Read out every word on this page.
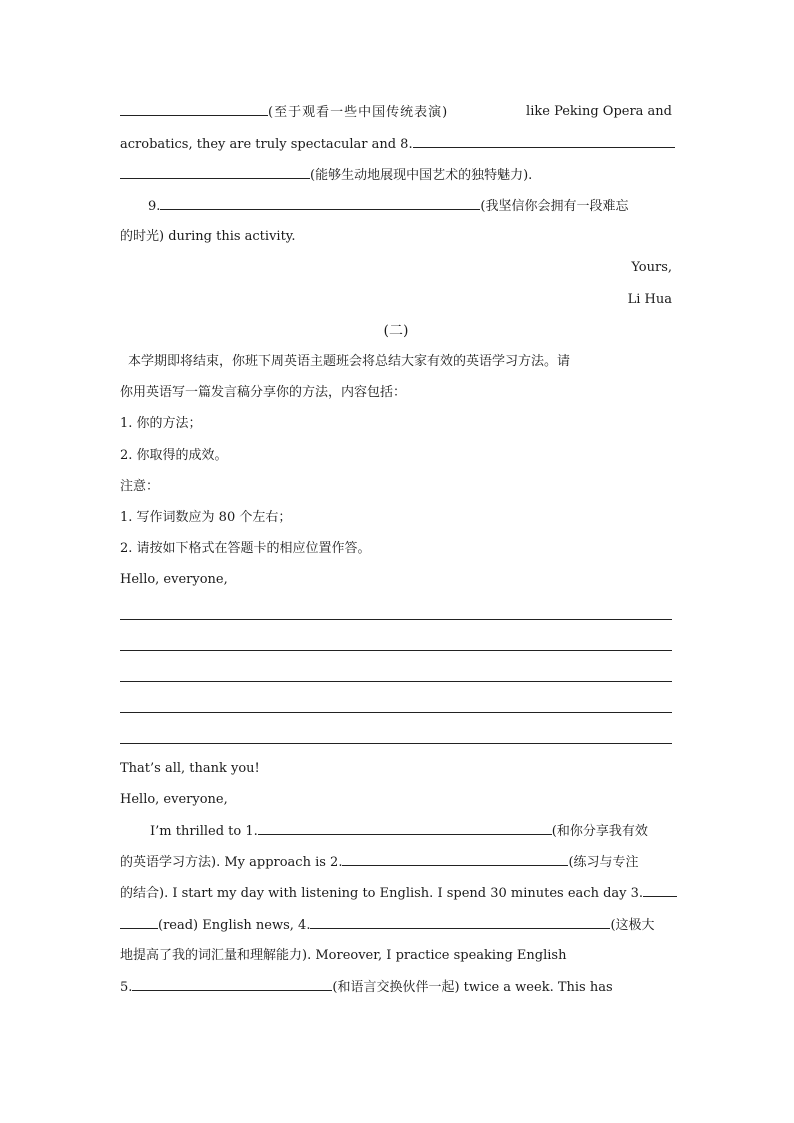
(至于观看一些中国传统表演)	like Peking Opera and
acrobatics, they are truly spectacular and 8.
(能够生动地展现中国艺术的独特魅力).
9.	(我坚信你会拥有一段难忘
的时光) during this activity.
Yours,
Li Hua
(二)
本学期即将结束，你班下周英语主题班会将总结大家有效的英语学习方法。请
你用英语写一篇发言稿分享你的方法，内容包括：
1. 你的方法；
2. 你取得的成效。
注意：
1. 写作词数应为 80 个左右；
2. 请按如下格式在答题卡的相应位置作答。
Hello, everyone,
That’s all, thank you!
Hello, everyone,
I’m thrilled to 1.	(和你分享我有效
的英语学习方法). My approach is 2.	(练习与专注
的结合). I start my day with listening to English. I spend 30 minutes each day 3.
(read) English news, 4.	(这极大
地提高了我的词汇量和理解能力). Moreover, I practice speaking English
5.	(和语言交换伙伴一起) twice a week. This has
